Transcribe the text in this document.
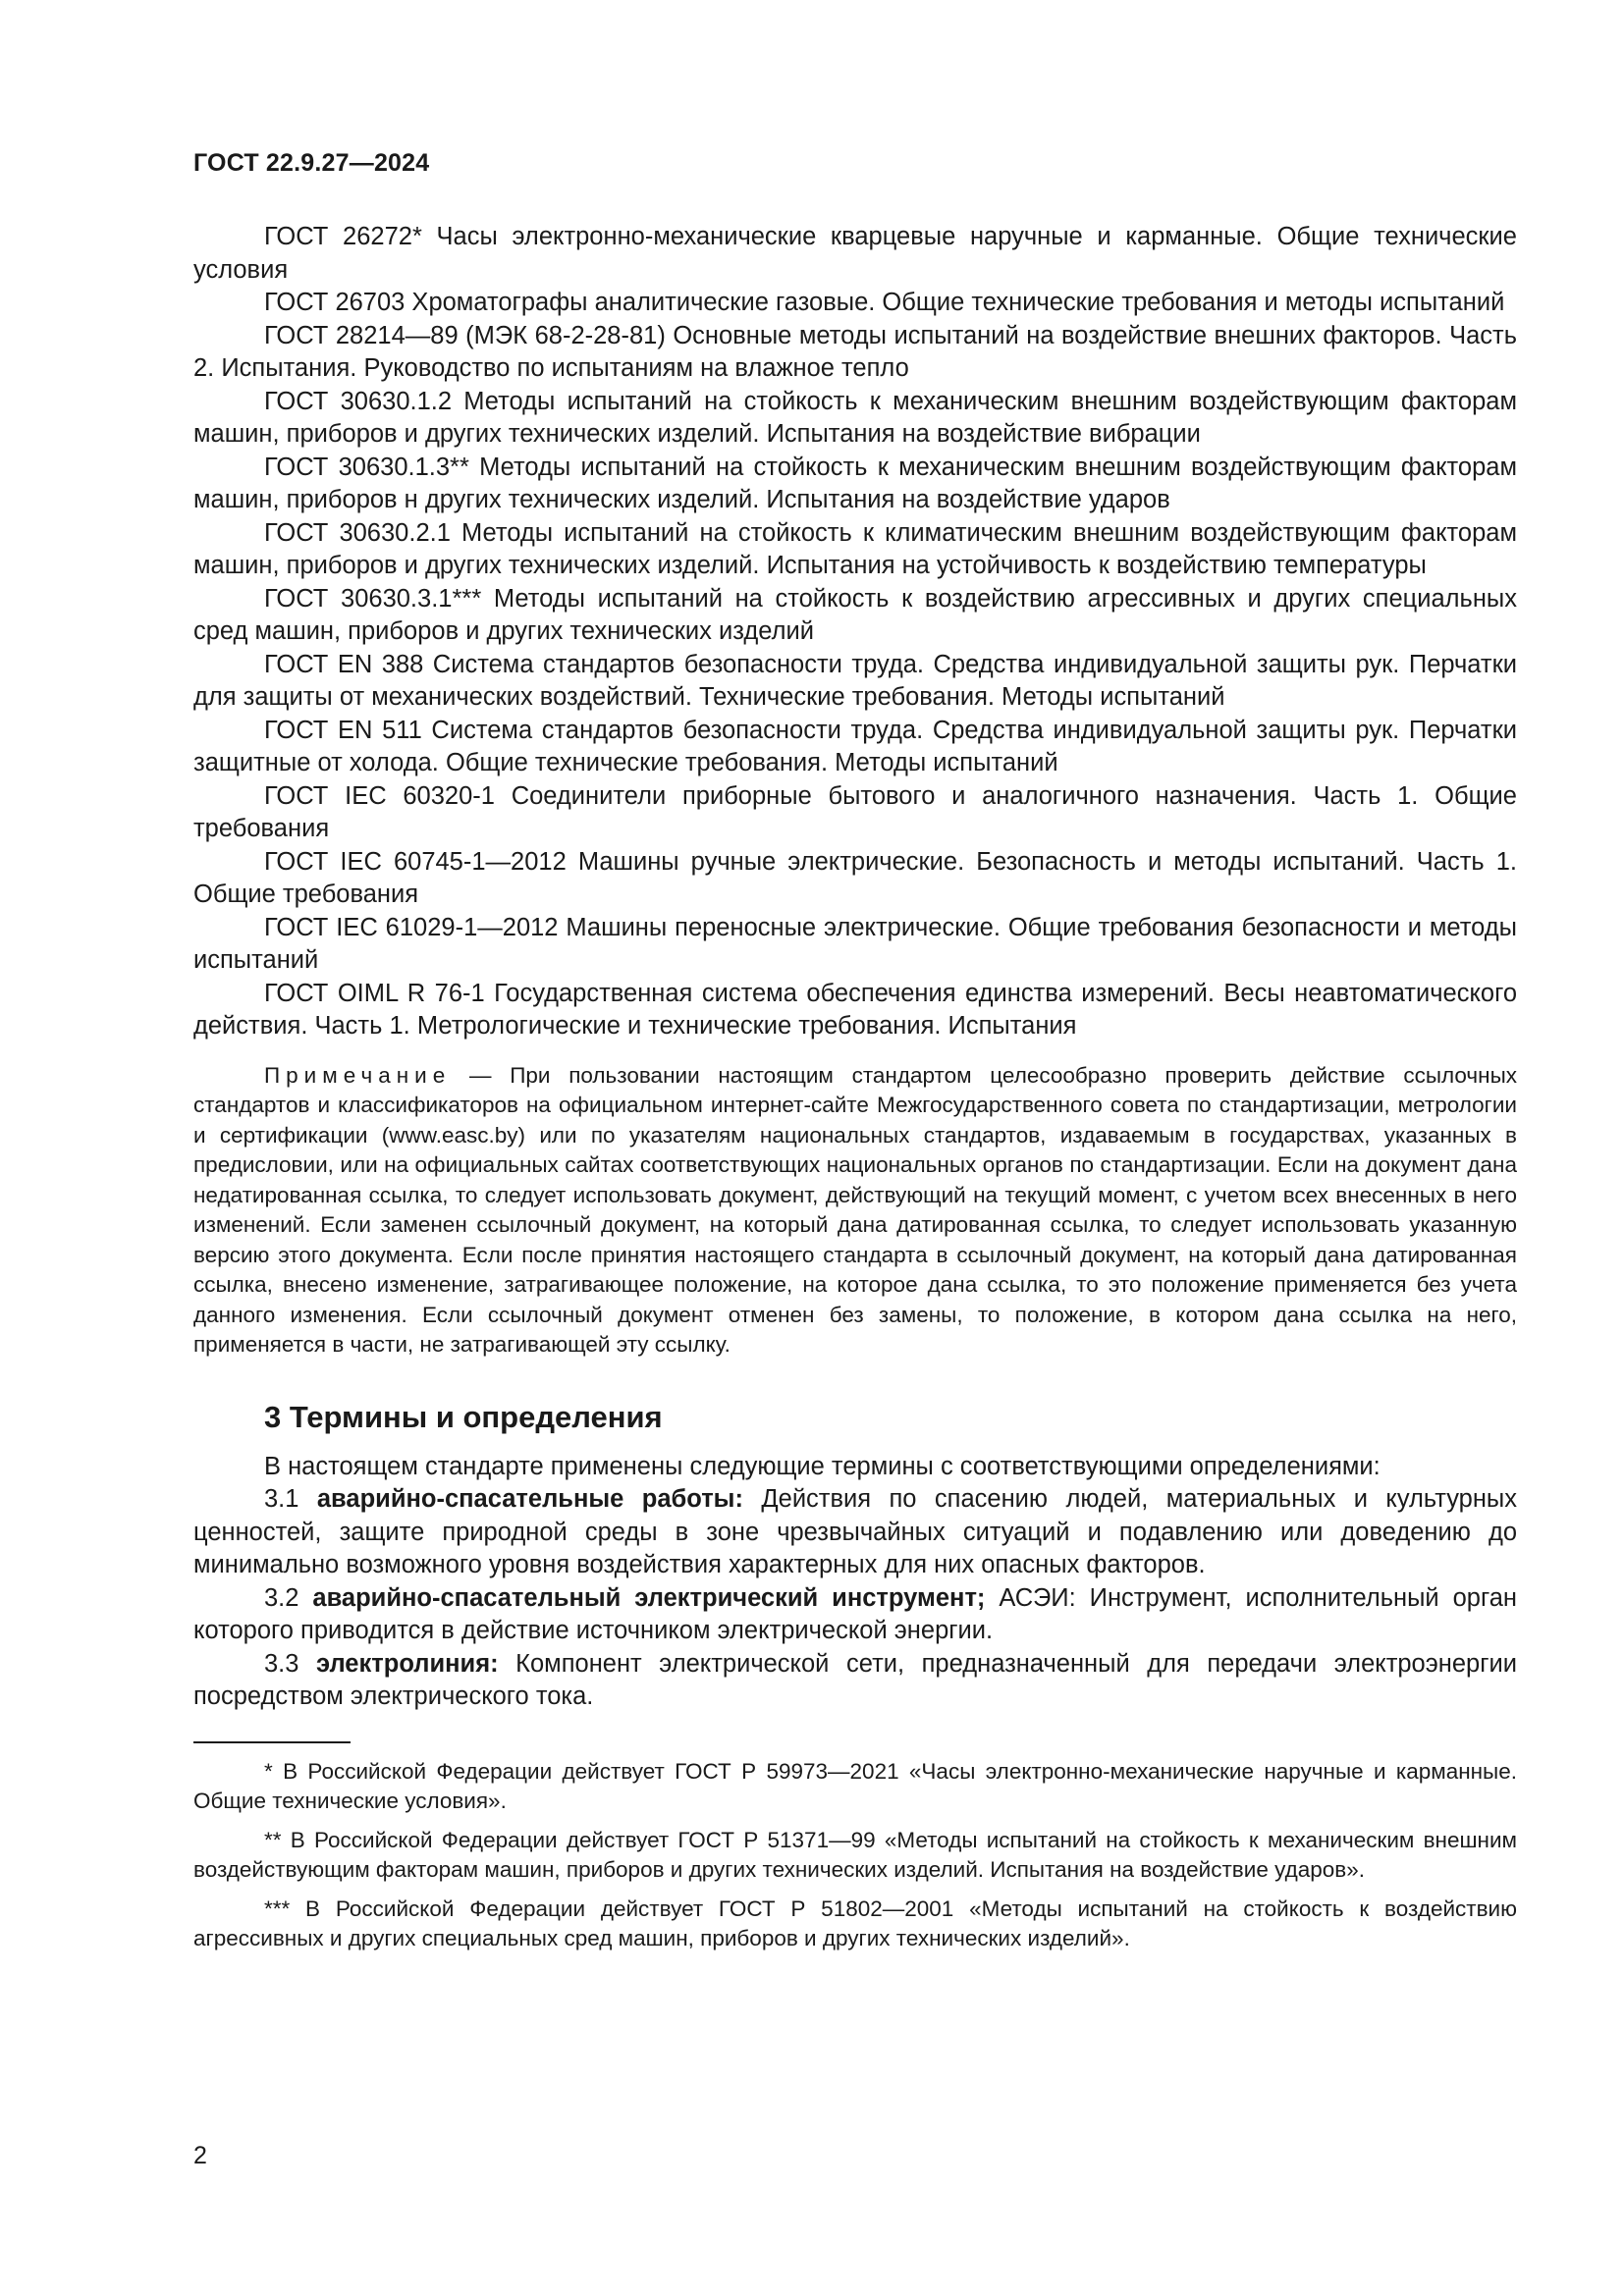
ГОСТ 22.9.27—2024

ГОСТ 26272* Часы электронно-механические кварцевые наручные и карманные. Общие технические условия

ГОСТ 26703 Хроматографы аналитические газовые. Общие технические требования и методы испытаний

ГОСТ 28214—89 (МЭК 68-2-28-81) Основные методы испытаний на воздействие внешних факторов. Часть 2. Испытания. Руководство по испытаниям на влажное тепло

ГОСТ 30630.1.2 Методы испытаний на стойкость к механическим внешним воздействующим факторам машин, приборов и других технических изделий. Испытания на воздействие вибрации

ГОСТ 30630.1.3** Методы испытаний на стойкость к механическим внешним воздействующим факторам машин, приборов н других технических изделий. Испытания на воздействие ударов

ГОСТ 30630.2.1 Методы испытаний на стойкость к климатическим внешним воздействующим факторам машин, приборов и других технических изделий. Испытания на устойчивость к воздействию температуры

ГОСТ 30630.3.1*** Методы испытаний на стойкость к воздействию агрессивных и других специальных сред машин, приборов и других технических изделий

ГОСТ EN 388 Система стандартов безопасности труда. Средства индивидуальной защиты рук. Перчатки для защиты от механических воздействий. Технические требования. Методы испытаний

ГОСТ EN 511 Система стандартов безопасности труда. Средства индивидуальной защиты рук. Перчатки защитные от холода. Общие технические требования. Методы испытаний

ГОСТ IEC 60320-1 Соединители приборные бытового и аналогичного назначения. Часть 1. Общие требования

ГОСТ IEC 60745-1—2012 Машины ручные электрические. Безопасность и методы испытаний. Часть 1. Общие требования

ГОСТ IEC 61029-1—2012 Машины переносные электрические. Общие требования безопасности и методы испытаний

ГОСТ OIML R 76-1 Государственная система обеспечения единства измерений. Весы неавтоматического действия. Часть 1. Метрологические и технические требования. Испытания

Примечание — При пользовании настоящим стандартом целесообразно проверить действие ссылочных стандартов и классификаторов на официальном интернет-сайте Межгосударственного совета по стандартизации, метрологии и сертификации (www.easc.by) или по указателям национальных стандартов, издаваемым в государствах, указанных в предисловии, или на официальных сайтах соответствующих национальных органов по стандартизации. Если на документ дана недатированная ссылка, то следует использовать документ, действующий на текущий момент, с учетом всех внесенных в него изменений. Если заменен ссылочный документ, на который дана датированная ссылка, то следует использовать указанную версию этого документа. Если после принятия настоящего стандарта в ссылочный документ, на который дана датированная ссылка, внесено изменение, затрагивающее положение, на которое дана ссылка, то это положение применяется без учета данного изменения. Если ссылочный документ отменен без замены, то положение, в котором дана ссылка на него, применяется в части, не затрагивающей эту ссылку.

3 Термины и определения

В настоящем стандарте применены следующие термины с соответствующими определениями:

3.1 аварийно-спасательные работы: Действия по спасению людей, материальных и культурных ценностей, защите природной среды в зоне чрезвычайных ситуаций и подавлению или доведению до минимально возможного уровня воздействия характерных для них опасных факторов.

3.2 аварийно-спасательный электрический инструмент; АСЭИ: Инструмент, исполнительный орган которого приводится в действие источником электрической энергии.

3.3 электролиния: Компонент электрической сети, предназначенный для передачи электроэнергии посредством электрического тока.

* В Российской Федерации действует ГОСТ Р 59973—2021 «Часы электронно-механические наручные и карманные. Общие технические условия».

** В Российской Федерации действует ГОСТ Р 51371—99 «Методы испытаний на стойкость к механическим внешним воздействующим факторам машин, приборов и других технических изделий. Испытания на воздействие ударов».

*** В Российской Федерации действует ГОСТ Р 51802—2001 «Методы испытаний на стойкость к воздействию агрессивных и других специальных сред машин, приборов и других технических изделий».

2
